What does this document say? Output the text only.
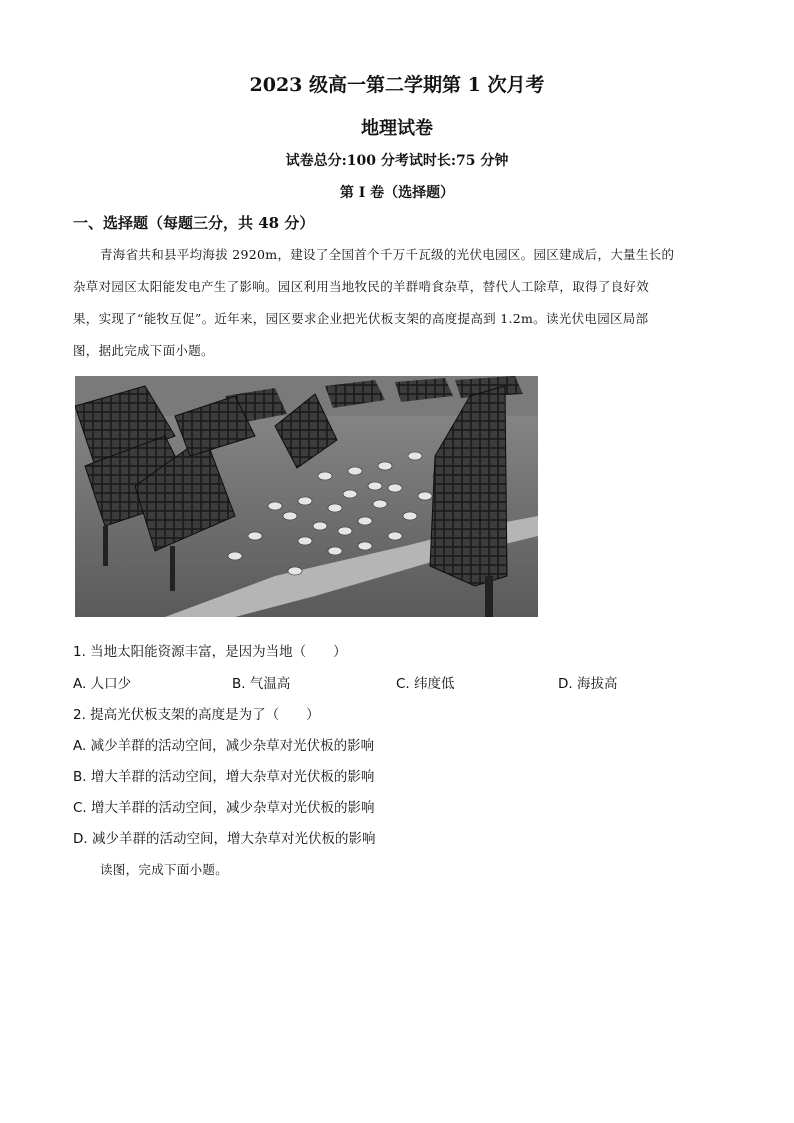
2023 级高一第二学期第 1 次月考
地理试卷
试卷总分:100 分考试时长:75 分钟
第 I 卷（选择题）
一、选择题（每题三分，共 48 分）
青海省共和县平均海拔 2920m，建设了全国首个千万千瓦级的光伏电园区。园区建成后，大量生长的
杂草对园区太阳能发电产生了影响。园区利用当地牧民的羊群啃食杂草，替代人工除草，取得了良好效
果，实现了“能牧互促”。近年来，园区要求企业把光伏板支架的高度提高到 1.2m。读光伏电园区局部
图，据此完成下面小题。
1. 当地太阳能资源丰富，是因为当地（　　）
A. 人口少	B. 气温高	C. 纬度低	D. 海拔高
2. 提高光伏板支架的高度是为了（　　）
A. 减少羊群的活动空间，减少杂草对光伏板的影响
B. 增大羊群的活动空间，增大杂草对光伏板的影响
C. 增大羊群的活动空间，减少杂草对光伏板的影响
D. 减少羊群的活动空间，增大杂草对光伏板的影响
读图，完成下面小题。
